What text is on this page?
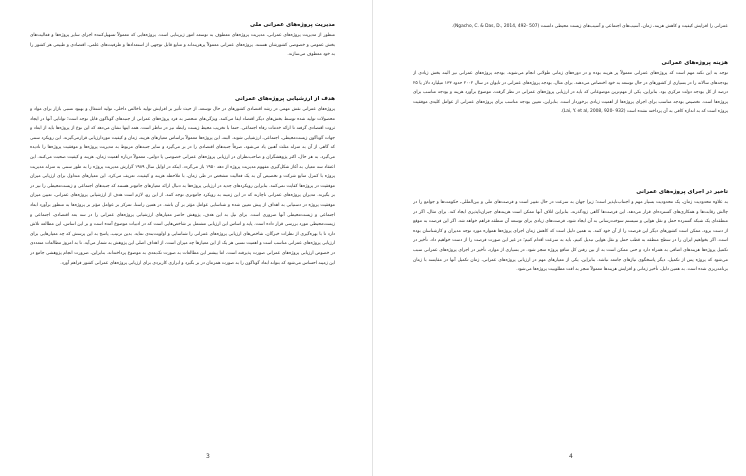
مدیریت پروژه‌های عمرانی ملی

منظور از مدیریت پروژه‌های عمرانی، مدیریت پروژه‌های معطوف به توسعه امور زیربنایی است. پروژه‌هایی که معمولاً تسهیل‌کننده اجرای سایر پروژه‌ها و فعالیت‌های بخش عمومی و خصوصی کشورشان هستند. پروژه‌های عمرانی معمولاً پرهزینه‌اند و منابع قابل توجهی از استعدادها و ظرفیت‌های علمی، اقتصادی و طبیعی هر کشور را به خود معطوف می‌سازند.

هدف از ارزشیابی پروژه‌های عمرانی

پروژه‌های عمرانی نقش مهمی در رشد اقتصادی کشورهای در حال توسعه، از حیث تأثیر بر افزایش تولید ناخالص داخلی، تولید اشتغال و بهبود نسبی بازار برای مواد و محصولات تولید شده توسط بخش‌های دیگر اقتصاد ایفا می‌کنند. ویژگی‌های منحصر به فرد پروژه‌های عمرانی از جنبه‌های گوناگون قابل توجه است؛ توانایی آنها در ایجاد ثروت اقتصادی گرفته تا ارائه خدمات رفاه اجتماعی. حتما با تخریب محیط زیست رابطه نیز در تناظر است. همه اینها نشان می‌دهد که این نوع از پروژه‌ها باید از ابعاد و جهات گوناگون زیست‌محیطی، اجتماعی، ارزشیابی شوند. البته، این پروژه‌ها معمولاً براساس معیارهای هزینه، زمان و کیفیت موردارزیابی قرارمی‌گیرند. این رویکرد سنتی که گاهی از آن به منزله مثلث آهنین یاد می‌شود، صرفاً جنبه‌های اقتصادی را در بر می‌گیرد و سایر جنبه‌های مربوط به مدیریت پروژه‌ها و موفقیت پروژه‌ها را نادیده می‌گیرد. به هر حال، اکثر پژوهشگران و صاحب‌نظران در ارزیابی پروژه‌های عمرانی خصوصی یا دولتی، معمولاً درباره اهمیت زمان، هزینه و کیفیت صحبت می‌کنند. این اعتقاد سه معیار، به آغاز شکل‌گیری مفهوم مدیریت پروژه از دهه ۱۹۵۰ باز می‌گردد. اینکه در اوایل سال ۱۹۸۹ گزارش مدیریت پروژه را به طور سنتی به منزله مدیریت پروژه با کنترل منابع شرکت و تخصیص آن به یک فعالیت مشخص در طی زمان، با ملاحظه هزینه و کیفیت، تعریف می‌کرد. این معیارهای متداول برای ارزیابی میزان موفقیت در پروژه‌ها کفایت نمی‌کنند. بنابراین رویکردهای جدید در ارزیابی پروژه‌ها به دنبال ارائه معیارهای جامع‌تر هستند که جنبه‌های اجتماعی و زیست‌محیطی را نیز در بر بگیرند. مدیران پروژه‌های عمرانی ناچارند که در این زمینه به رویکرد جامع‌تری توجه کنند. از این رو، لازم است هدف از ارزشیابی پروژه‌های عمرانی، تعیین میزان موفقیت پروژه در دستیابی به اهداف از پیش تعیین شده و شناسایی عوامل مؤثر بر آن باشد. در همین راستا، تمرکز بر عوامل مؤثر بر پروژه‌ها به منظور برآورد ابعاد اجتماعی و زیست‌محیطی آنها ضروری است. برای نیل به این هدف، پژوهش حاضر معیارهای ارزشیابی پروژه‌های عمرانی را در سه بعد اقتصادی، اجتماعی و زیست‌محیطی مورد بررسی قرار داده است. پایه و اساس این ارزیابی مشتمل بر شاخص‌هایی است که در ادبیات موضوع آمده است و بر این اساس، این مطالعه تلاش دارد تا با بهره‌گیری از نظرات خبرگان، شاخص‌های ارزیابی پروژه‌های عمرانی را شناسایی و اولویت‌بندی نماید. بدین ترتیب، پاسخ به این پرسش که چه معیارهایی برای ارزیابی پروژه‌های عمرانی مناسب است و اهمیت نسبی هر یک از این معیارها چه میزان است، از اهداف اصلی این پژوهش به شمار می‌آید. تا به امروز مطالعات متعددی در خصوص ارزیابی پروژه‌های عمرانی صورت پذیرفته است، اما بیشتر این مطالعات به صورت تک‌بعدی به موضوع پرداخته‌اند. بنابراین، ضرورت انجام پژوهشی جامع در این زمینه احساس می‌شود که بتواند ابعاد گوناگون را به صورت همزمان در بر بگیرد و ابزاری کاربردی برای ارزیابی پروژه‌های عمرانی کشور فراهم آورد.

عمرانی را افزایش کیفیت و کاهش هزینه، زمان، آسیب‌های اجتماعی و آسیب‌های زیست محیطی دانست (Ngacho, C. & Das, D., 2014, 492- 507).

هزینه پروژه‌های عمرانی

توجه به این نکته مهم است که پروژه‌های عمرانی معمولاً پر هزینه بوده و در دوره‌های زمانی طولانی انجام می‌شوند. بودجه پروژه‌های عمرانی نیز البته بخش زیادی از بودجه‌های سالانه را در بسیاری از کشورهای در حال توسعه به خود اختصاص می‌دهند. برای مثال، بودجه پروژه‌های عمرانی در تایوان در سال ۲۰۰۲ حدود ۱۳۳ میلیارد دلار یا ۲۵ درصد از کل بودجه دولت مرکزی بود. بنابراین، یکی از مهم‌ترین موضوعاتی که باید در ارزیابی پروژه‌های عمرانی در نظر گرفت، موضوع برآورد هزینه و بودجه مناسب برای پروژه‌ها است. تخصیص بودجه مناسب برای اجرای پروژه‌ها از اهمیت زیادی برخوردار است. بنابراین، تعیین بودجه مناسب برای پروژه‌های عمرانی از عوامل کلیدی موفقیت پروژه است که به اندازه کافی به آن پرداخته نشده است (Lai, Y. et al, 2008, 920- 932).

تأخیر در اجرای پروژه‌های عمرانی

به علاوه محدودیت زمان، یک محدودیت بسیار مهم و اجتناب‌ناپذیر است؛ زیرا جهان به سرعت در حال تغییر است و فرصت‌های ملی و بین‌المللی، حکومت‌ها و جوامع را در چالش رقابت‌ها و همکاری‌های گسترده‌ای قرار می‌دهد. این فرصت‌ها گاهی زودگذرند، بنابراین اتلاف آنها ممکن است هزینه‌های جبران‌ناپذیری ایجاد کند. برای مثال، اگر در منطقه‌ای یک شبکه گسترده حمل و نقل هوایی و سیستم سوخت‌رسانی به آن ایجاد شود، فرصت‌های زیادی برای توسعه آن منطقه فراهم خواهد شد. اگر این فرصت به موقع از دست برود، ممکن است کشورهای دیگر این فرصت را از آن خود کنند. به همین دلیل است که کاهش زمان اجرای پروژه‌ها همواره مورد توجه مدیران و کارشناسان بوده است. اگر بخواهیم ایران را در سطح منطقه به قطب حمل و نقل هوایی تبدیل کنیم، باید به سرعت اقدام کنیم؛ در غیر این صورت فرصت را از دست خواهیم داد. تأخیر در تکمیل پروژه‌ها هزینه‌های اضافی به همراه دارد و حتی ممکن است به از بین رفتن کل منافع پروژه منجر شود. در بسیاری از موارد، تأخیر در اجرای پروژه‌های عمرانی سبب می‌شود که پروژه پس از تکمیل، دیگر پاسخگوی نیازهای جامعه نباشد. بنابراین، یکی از معیارهای مهم در ارزیابی پروژه‌های عمرانی، زمان تکمیل آنها در مقایسه با زمان برنامه‌ریزی شده است. به همین دلیل، تأخیر زمانی و افزایش هزینه‌ها معمولاً منجر به افت مطلوبیت پروژه‌ها می‌شود.

3	4
